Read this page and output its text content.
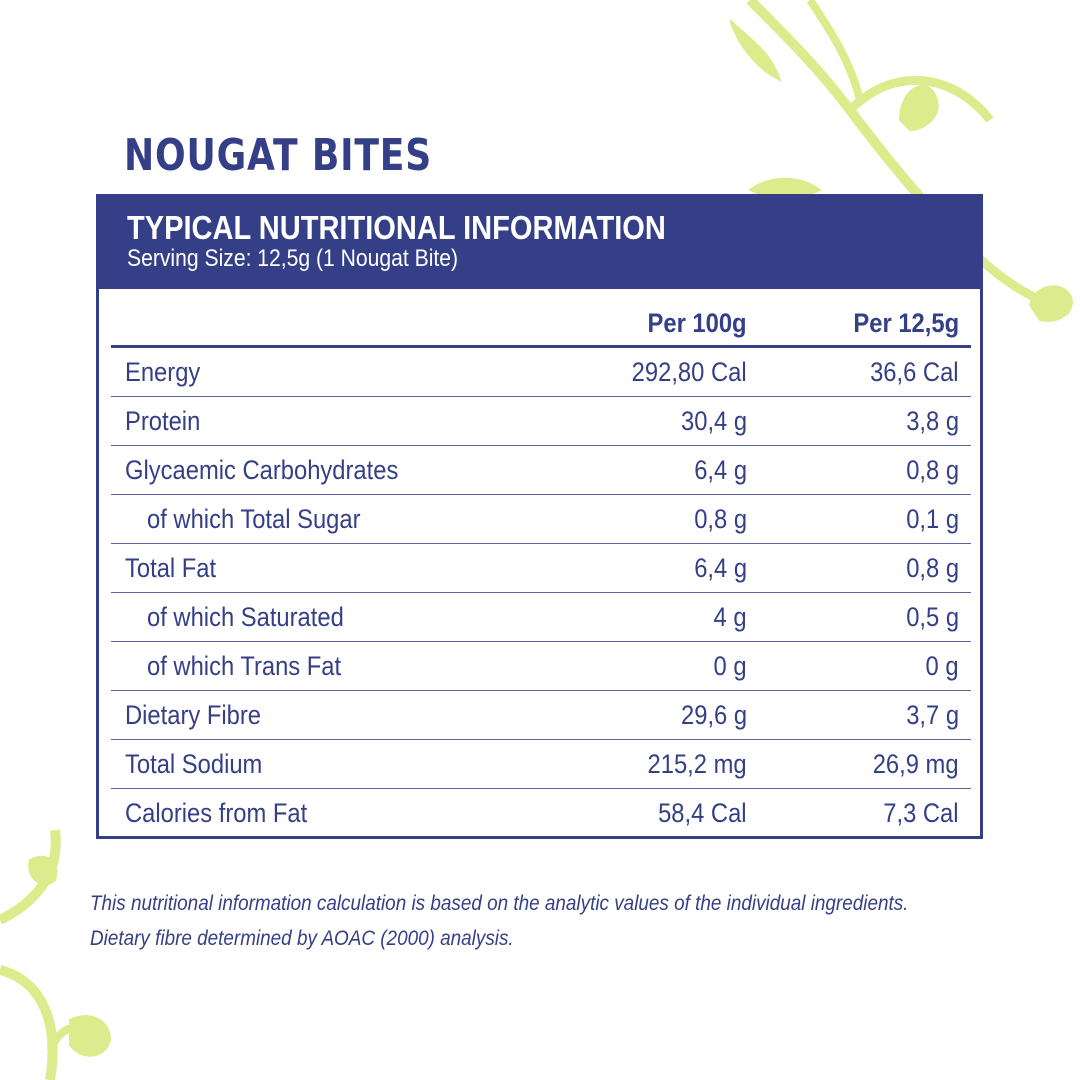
NOUGAT BITES
TYPICAL NUTRITIONAL INFORMATION
Serving Size: 12,5g (1 Nougat Bite)
	Per 100g	Per 12,5g
Energy	292,80 Cal	36,6 Cal
Protein	30,4 g	3,8 g
Glycaemic Carbohydrates	6,4 g	0,8 g
of which Total Sugar	0,8 g	0,1 g
Total Fat	6,4 g	0,8 g
of which Saturated	4 g	0,5 g
of which Trans Fat	0 g	0 g
Dietary Fibre	29,6 g	3,7 g
Total Sodium	215,2 mg	26,9 mg
Calories from Fat	58,4 Cal	7,3 Cal
This nutritional information calculation is based on the analytic values of the individual ingredients.
Dietary fibre determined by AOAC (2000) analysis.
